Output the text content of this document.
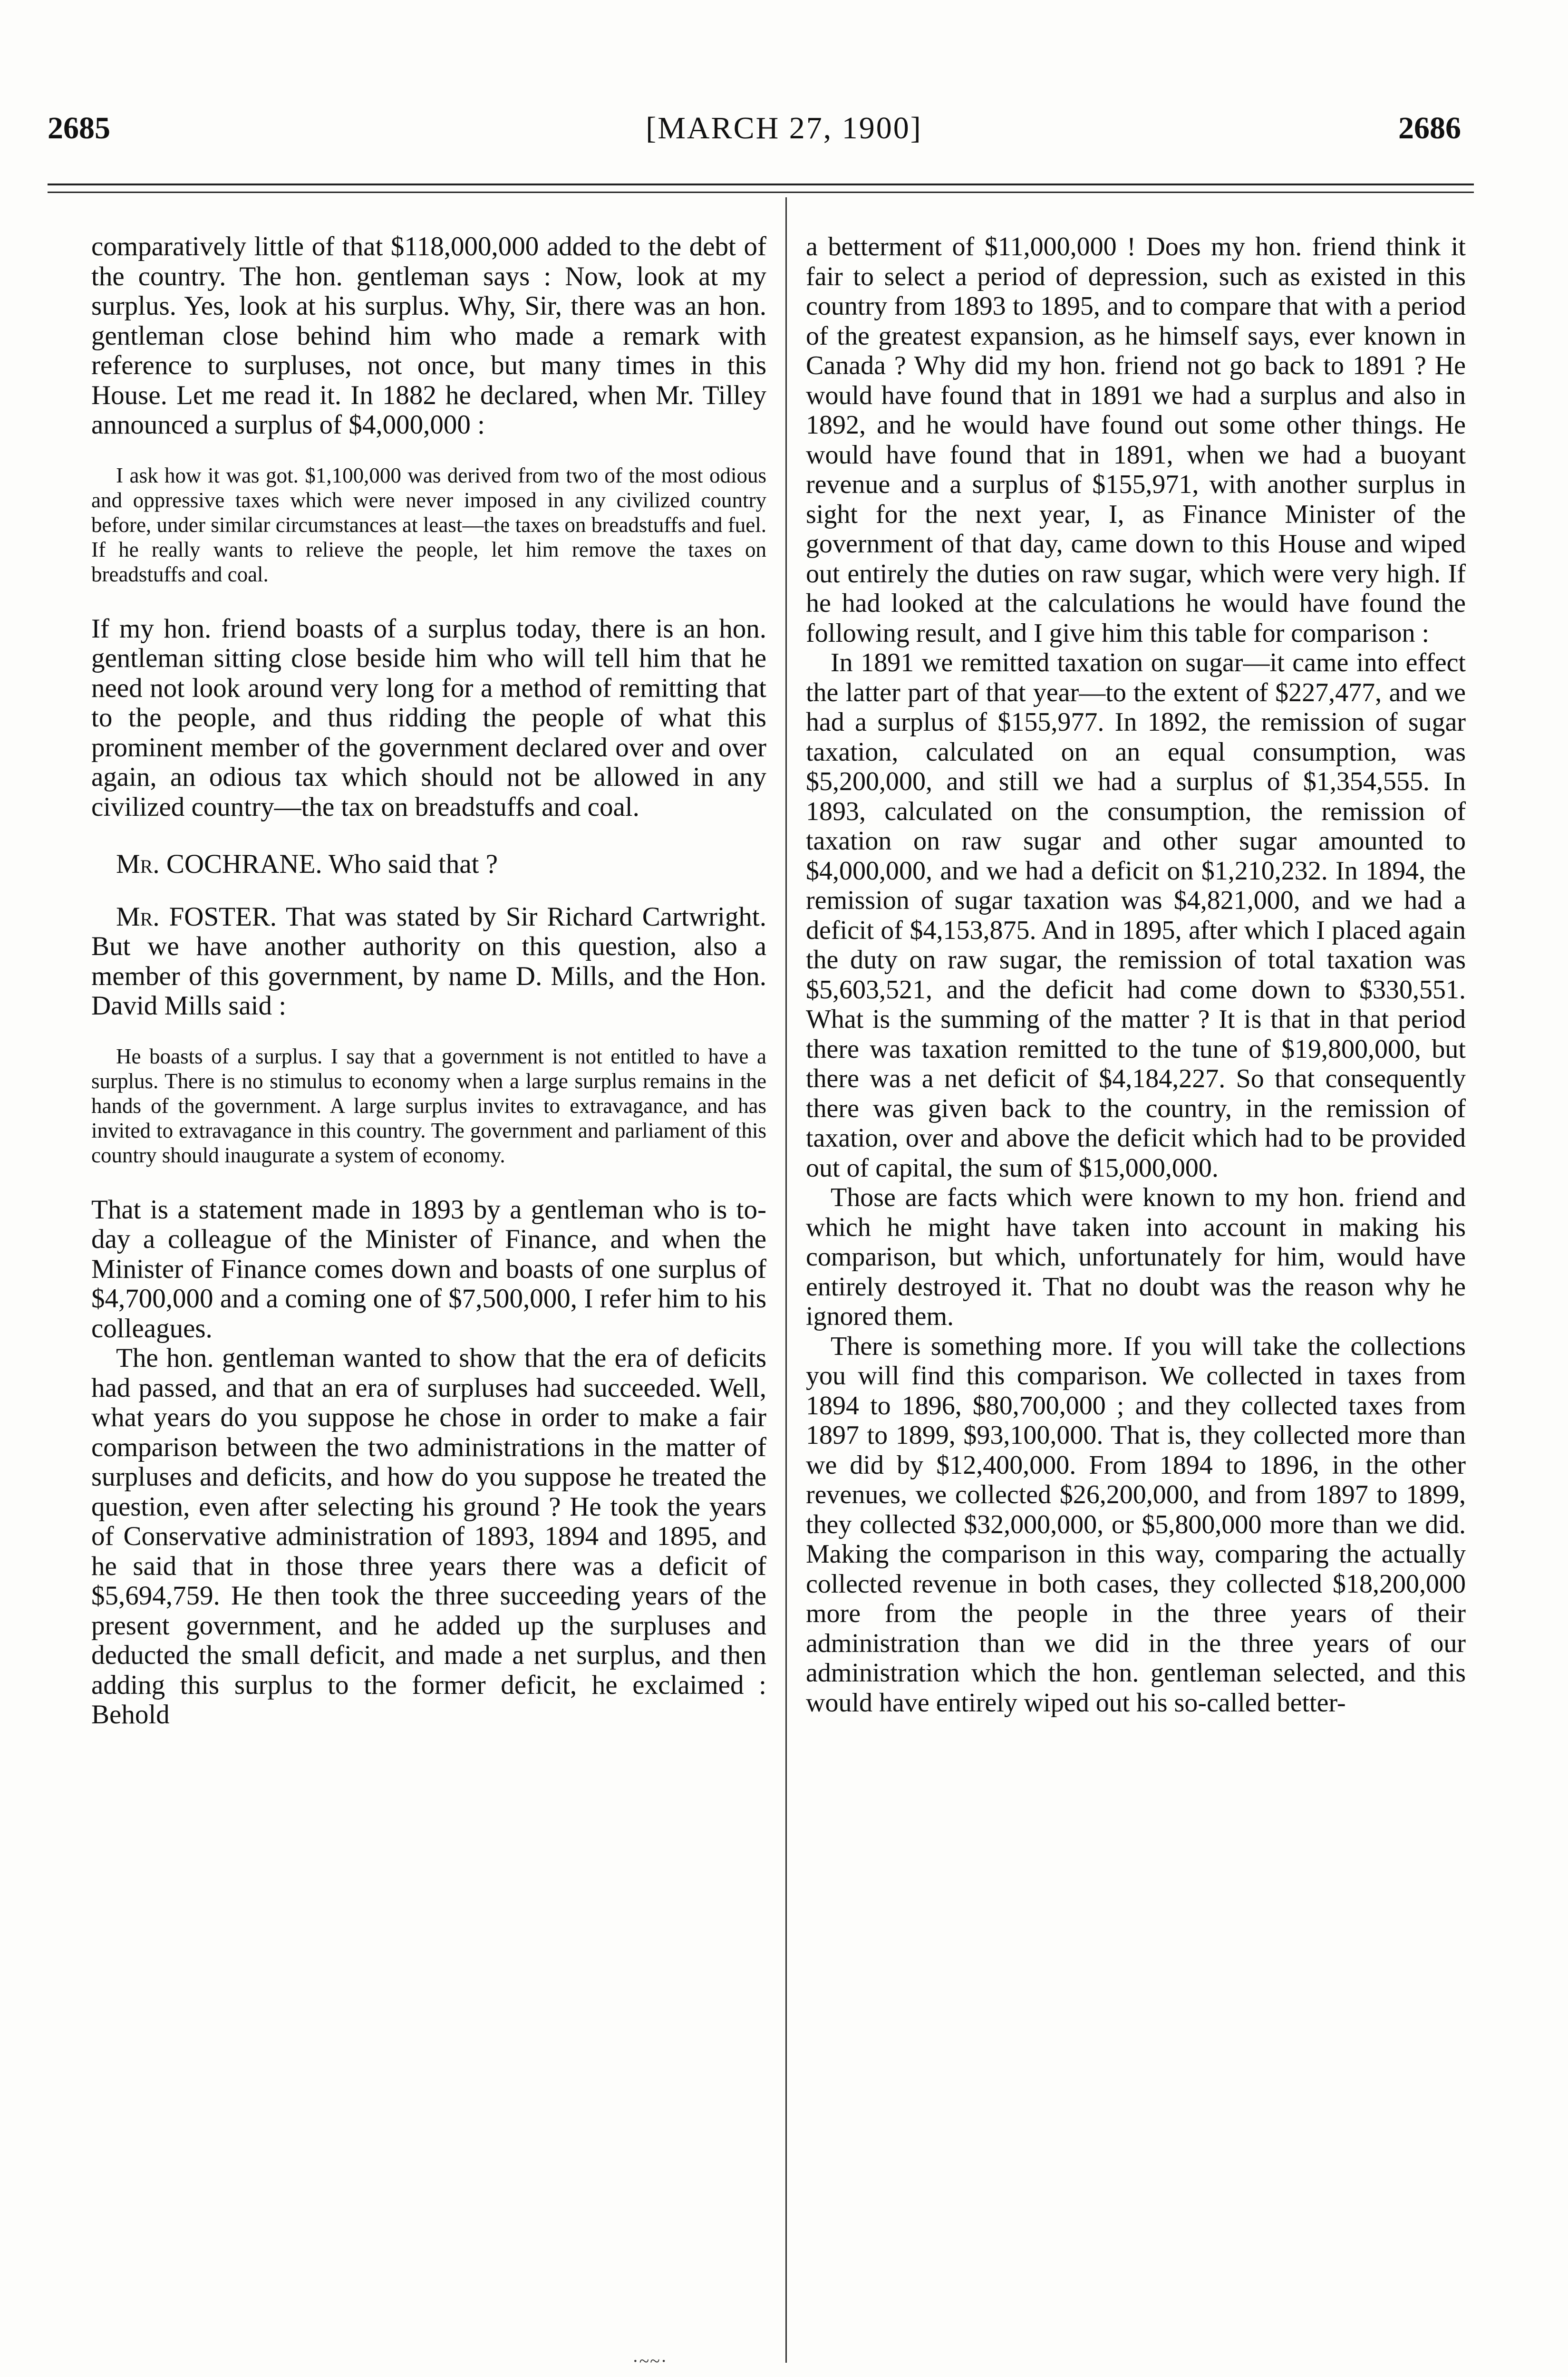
2685	[MARCH 27, 1900]	2686

comparatively little of that $118,000,000 added to the debt of the country. The hon. gentleman says : Now, look at my surplus. Yes, look at his surplus. Why, Sir, there was an hon. gentleman close behind him who made a remark with reference to surpluses, not once, but many times in this House. Let me read it. In 1882 he declared, when Mr. Tilley announced a surplus of $4,000,000 :

I ask how it was got. $1,100,000 was derived from two of the most odious and oppressive taxes which were never imposed in any civilized country before, under similar circumstances at least—the taxes on breadstuffs and fuel. If he really wants to relieve the people, let him remove the taxes on breadstuffs and coal.

If my hon. friend boasts of a surplus today, there is an hon. gentleman sitting close beside him who will tell him that he need not look around very long for a method of remitting that to the people, and thus ridding the people of what this prominent member of the government declared over and over again, an odious tax which should not be allowed in any civilized country—the tax on breadstuffs and coal.

Mr. COCHRANE. Who said that ?

Mr. FOSTER. That was stated by Sir Richard Cartwright. But we have another authority on this question, also a member of this government, by name D. Mills, and the Hon. David Mills said :

He boasts of a surplus. I say that a government is not entitled to have a surplus. There is no stimulus to economy when a large surplus remains in the hands of the government. A large surplus invites to extravagance, and has invited to extravagance in this country. The government and parliament of this country should inaugurate a system of economy.

That is a statement made in 1893 by a gentleman who is to-day a colleague of the Minister of Finance, and when the Minister of Finance comes down and boasts of one surplus of $4,700,000 and a coming one of $7,500,000, I refer him to his colleagues.

The hon. gentleman wanted to show that the era of deficits had passed, and that an era of surpluses had succeeded. Well, what years do you suppose he chose in order to make a fair comparison between the two administrations in the matter of surpluses and deficits, and how do you suppose he treated the question, even after selecting his ground ? He took the years of Conservative administration of 1893, 1894 and 1895, and he said that in those three years there was a deficit of $5,694,759. He then took the three succeeding years of the present government, and he added up the surpluses and deducted the small deficit, and made a net surplus, and then adding this surplus to the former deficit, he exclaimed : Behold

a betterment of $11,000,000 ! Does my hon. friend think it fair to select a period of depression, such as existed in this country from 1893 to 1895, and to compare that with a period of the greatest expansion, as he himself says, ever known in Canada ? Why did my hon. friend not go back to 1891 ? He would have found that in 1891 we had a surplus and also in 1892, and he would have found out some other things. He would have found that in 1891, when we had a buoyant revenue and a surplus of $155,971, with another surplus in sight for the next year, I, as Finance Minister of the government of that day, came down to this House and wiped out entirely the duties on raw sugar, which were very high. If he had looked at the calculations he would have found the following result, and I give him this table for comparison :

In 1891 we remitted taxation on sugar—it came into effect the latter part of that year—to the extent of $227,477, and we had a surplus of $155,977. In 1892, the remission of sugar taxation, calculated on an equal consumption, was $5,200,000, and still we had a surplus of $1,354,555. In 1893, calculated on the consumption, the remission of taxation on raw sugar and other sugar amounted to $4,000,000, and we had a deficit on $1,210,232. In 1894, the remission of sugar taxation was $4,821,000, and we had a deficit of $4,153,875. And in 1895, after which I placed again the duty on raw sugar, the remission of total taxation was $5,603,521, and the deficit had come down to $330,551. What is the summing of the matter ? It is that in that period there was taxation remitted to the tune of $19,800,000, but there was a net deficit of $4,184,227. So that consequently there was given back to the country, in the remission of taxation, over and above the deficit which had to be provided out of capital, the sum of $15,000,000.

Those are facts which were known to my hon. friend and which he might have taken into account in making his comparison, but which, unfortunately for him, would have entirely destroyed it. That no doubt was the reason why he ignored them.

There is something more. If you will take the collections you will find this comparison. We collected in taxes from 1894 to 1896, $80,700,000 ; and they collected taxes from 1897 to 1899, $93,100,000. That is, they collected more than we did by $12,400,000. From 1894 to 1896, in the other revenues, we collected $26,200,000, and from 1897 to 1899, they collected $32,000,000, or $5,800,000 more than we did. Making the comparison in this way, comparing the actually collected revenue in both cases, they collected $18,200,000 more from the people in the three years of their administration than we did in the three years of our administration which the hon. gentleman selected, and this would have entirely wiped out his so-called better-

·~~·
